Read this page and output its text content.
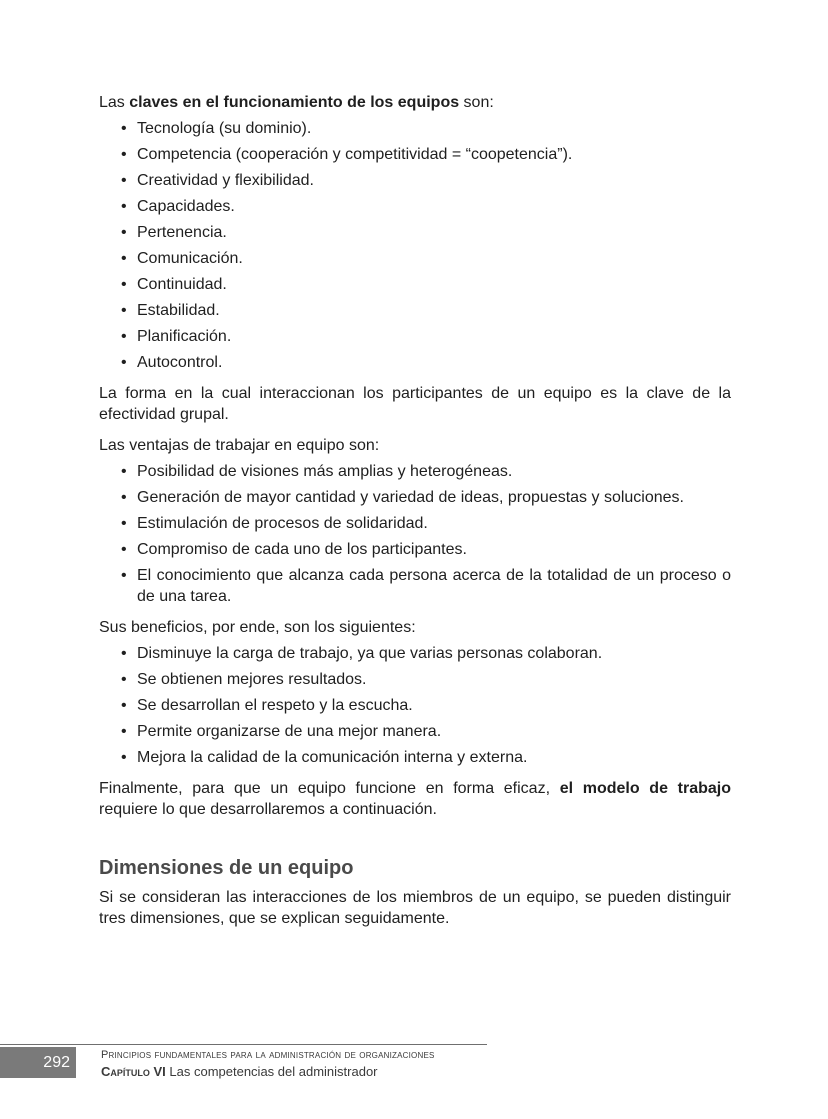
Las claves en el funcionamiento de los equipos son:

• Tecnología (su dominio).
• Competencia (cooperación y competitividad = “coopetencia”).
• Creatividad y flexibilidad.
• Capacidades.
• Pertenencia.
• Comunicación.
• Continuidad.
• Estabilidad.
• Planificación.
• Autocontrol.

La forma en la cual interaccionan los participantes de un equipo es la clave de la efectividad grupal.

Las ventajas de trabajar en equipo son:

• Posibilidad de visiones más amplias y heterogéneas.
• Generación de mayor cantidad y variedad de ideas, propuestas y soluciones.
• Estimulación de procesos de solidaridad.
• Compromiso de cada uno de los participantes.
• El conocimiento que alcanza cada persona acerca de la totalidad de un proceso o de una tarea.

Sus beneficios, por ende, son los siguientes:

• Disminuye la carga de trabajo, ya que varias personas colaboran.
• Se obtienen mejores resultados.
• Se desarrollan el respeto y la escucha.
• Permite organizarse de una mejor manera.
• Mejora la calidad de la comunicación interna y externa.

Finalmente, para que un equipo funcione en forma eficaz, el modelo de trabajo requiere lo que desarrollaremos a continuación.

Dimensiones de un equipo

Si se consideran las interacciones de los miembros de un equipo, se pueden distinguir tres dimensiones, que se explican seguidamente.

292	Principios fundamentales para la administración de organizaciones
Capítulo VI Las competencias del administrador
